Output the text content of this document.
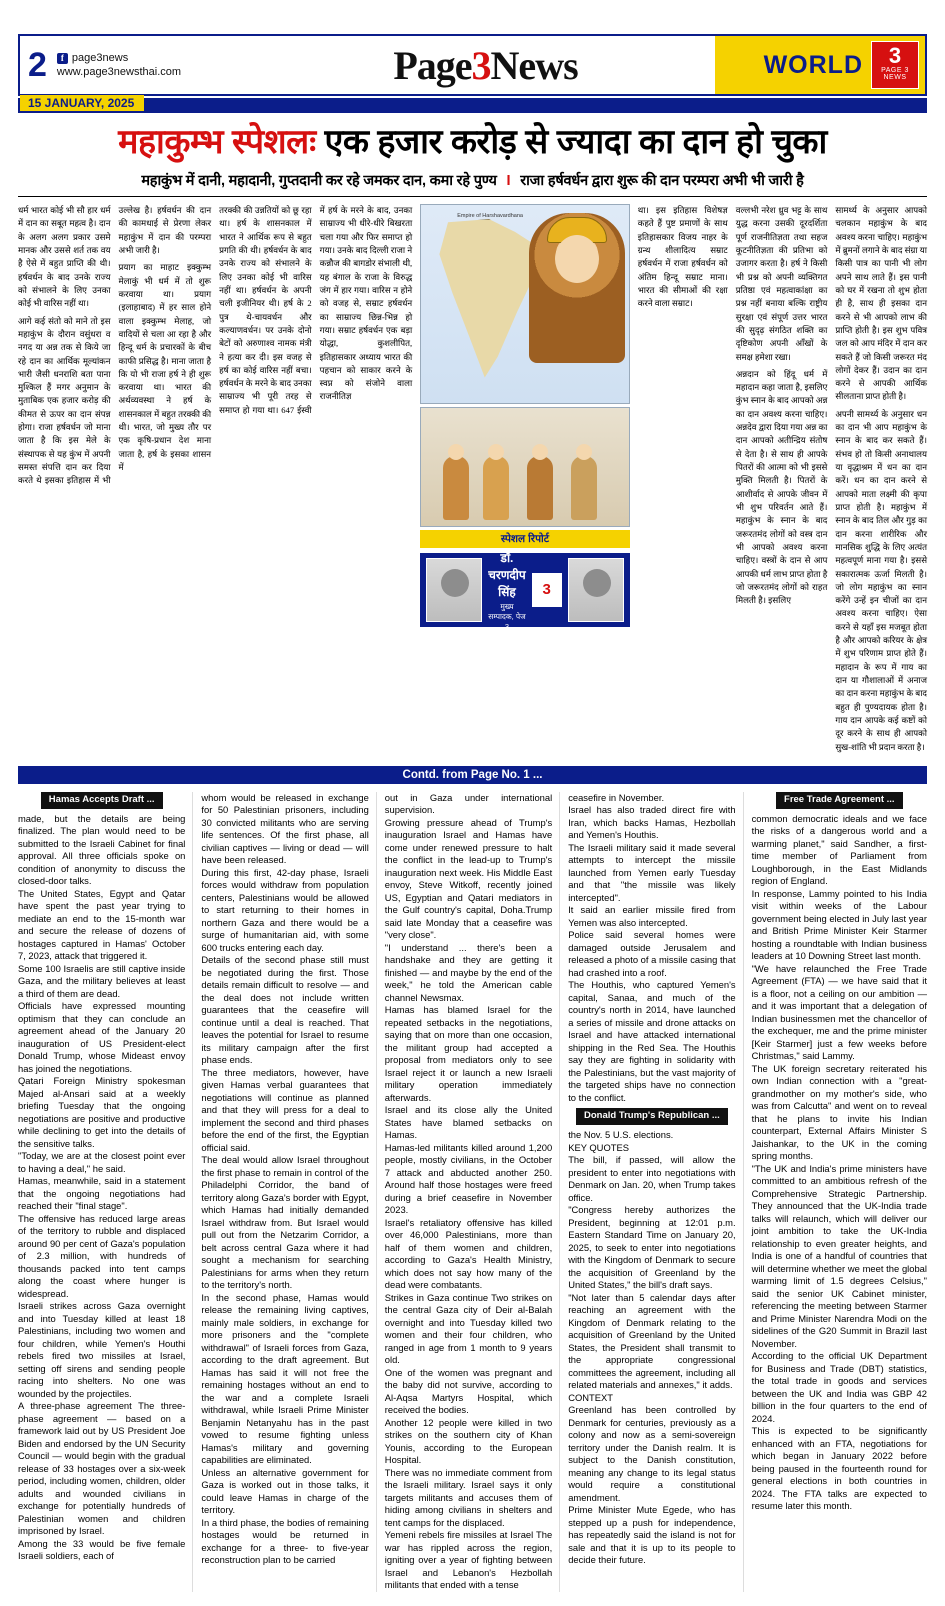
2	f page3news
www.page3newsthai.com	Page3News	WORLD	3
PAGE 3
NEWS
15 JANUARY, 2025
महाकुम्भ स्पेशलः एक हजार करोड़ से ज्यादा का दान हो चुका
महाकुंभ में दानी, महादानी, गुप्तदानी कर रहे जमकर दान, कमा रहे पुण्य I राजा हर्षवर्धन द्वारा शुरू की दान परम्परा अभी भी जारी है

धर्म भारत कोई भी सौ हार धर्म में दान का सबूत महत्व है। दान के अलग अलग प्रकार उसमे मानक और उससे शर्त तक वय है ऐसे में बहुत प्राप्ति की थी। हर्षवर्धन के बाद उनके राज्य को संभालने के लिए उनका कोई भी वारिस नहीं था।

आगे कई संतो को माने तो इस महाकुंभ के दौरान वसुंधरा व नगद या अन्न तक से किये जा रहे दान का आर्थिक मूल्यांकन भारी जैसी धनराशि बता पाना मुश्किल हैं मगर अनुमान के मुताबिक एक हजार करोड़ की कीमत से ऊपर का दान संपन्न होगा। राजा हर्षवर्धन जो माना जाता है कि इस मेले के संस्थापक से यह कुंभ में अपनी समस्त संपत्ति दान कर दिया करते थे इसका इतिहास में भी उल्लेख है। हर्षवर्धन की दान की कामधाई से प्रेरणा लेकर महाकुंभ में दान की परम्परा अभी जारी है।

प्रयाग का माहाट इक्कुम्भ मेलाकुं भी धर्म में तो शुरू करवाया था। प्रयाग (इलाहाबाद) में हर साल होने वाला इक्कुम्भ मेलाह, जो वादियों से चला आ रहा है और हिन्दू धर्म के प्रचारकों के बीच काफी प्रसिद्ध है। माना जाता है कि यो भी राजा हर्ष ने ही शुरू करवाया था। भारत की अर्थव्यवस्था ने हर्ष के शासनकाल में बहुत तरक्की की थी। भारत, जो मुख्य तौर पर एक कृषि-प्रधान देश माना जाता है, हर्ष के इसका शासन में

तरक्की की उन्नतियों को छू रहा था। हर्ष के शासनकाल में भारत ने आर्थिक रूप से बहुत प्रगति की थी। हर्षवर्धन के बाद उनके राज्य को संभालने के लिए उनका कोई भी वारिस नहीं था। हर्षवर्धन के अपनी चली इजीनियर थी। हर्ष के 2 पुत्र थे-चायवर्धन और कल्याणवर्धन। पर उनके दोनो बेटों को अरुणाश्व नामक मंत्री ने हत्या कर दी। इस वजह से हर्ष का कोई वारिस नहीं बचा। हर्षवर्धन के मरने के बाद उनका साम्राज्य भी पूरी तरह से समाप्त हो गया था। 647 ईस्वी में हर्ष के मरने के बाद, उनका साम्राज्य भी धीरे-धीरे बिखरता चला गया और फिर समाप्त हो गया। उनके बाद दिल्ली राजा ने कन्नौज की बागडोर संभाली थी, यह बंगाल के राजा के विरुद्ध जंग में हार गया। वारिस न होने को वजह से, सम्राट हर्षवर्धन का साम्राज्य छिन्न-भिन्न हो गया। सम्राट हर्षवर्धन एक बड़ा योद्धा, कुशलीपित, इतिहासकार अध्याय भारत की पहचान को साकार करने के स्वप्न को संजोने वाला राजनीतिज्ञ

Empire of Harshavardhana
स्पेशल रिपोर्ट
डॉ. चरणदीप सिंह
मुख्य सम्पादक, पेज 3
3

था। इस इतिहास विशेषज्ञ कहते हैं पुष्ट प्रमाणों के साथ इतिहासकार विजय नाहर के ग्रन्थ शीलादित्य सम्राट हर्षवर्धन में राजा हर्षवर्धन को अंतिम हिन्दू सम्राट माना। भारत की सीमाओं की रक्षा करने वाला सम्राट।

वल्लभी नरेश ध्रुव भट्ट के साथ युद्ध करना उसकी दूरदर्शिता पूर्ण राजनीतिज्ञता तथा सहज कूटनीतिज्ञता की प्रतिभा को उजागर करता है। हर्ष ने किसी भी प्रश्न को अपनी व्यक्तिगत प्रतिष्ठा एवं महत्वाकांक्षा का प्रश्न नहीं बनाया बल्कि राष्ट्रीय सुरक्षा एवं संपूर्ण उत्तर भारत की सुदृढ़ संगठित शक्ति का दृष्टिकोण अपनी आँखों के समक्ष हमेशा रखा।

अन्नदान को हिंदू धर्म में महादान कहा जाता है, इसलिए कुंभ स्नान के बाद आपको अन्न का दान अवश्य करना चाहिए। अन्नदेव द्वारा दिया गया अन्न का दान आपको अतीन्द्रिय संतोष से देता है। से साथ ही आपके पितरों की आत्मा को भी इससे मुक्ति मिलती है। पितरों के आशीर्वाद से आपके जीवन में भी शुभ परिवर्तन आते हैं। महाकुंभ के स्नान के बाद जरूरतमंद लोगों को वस्त्र दान भी आपको अवश्य करना चाहिए। वस्त्रों के दान से आप आपकी धर्म लाभ प्राप्त होता है जो जरूरतमंद लोगों को राहत मिलती है। इसलिए

सामर्थ्य के अनुसार आपको चलकान महाकुंभ के बाद अवश्य करना चाहिए। महाकुंभ में ब्रुमनों लगाने के बाद संग्रा या किसी पात्र का पानी भी लोग अपने साथ लाते हैं। इस पानी को घर में रखना तो शुभ होता ही है, साथ ही इसका दान करने से भी आपको लाभ की प्राप्ति होती है। इस शुभ पवित्र जल को आप मंदिर में दान कर सकते हैं जो किसी जरूरत मंद लोगों देकर हैं। उदान का दान करने से आपकी आर्थिक सीलताना प्राप्त होती है।

अपनी सामर्थ्य के अनुसार धन का दान भी आप महाकुंभ के स्नान के बाद कर सकते हैं। संभव हो तो किसी अनाथालय या वृद्धाश्रम में धन का दान करें। धन का दान करने से आपको माता लक्ष्मी की कृपा प्राप्त होती है। महाकुंभ में स्नान के बाद तिल और गुड़ का दान करना शारीरिक और मानसिक शुद्धि के लिए अत्यंत महत्वपूर्ण माना गया है। इससे सकारात्मक ऊर्जा मिलती है। जो लोग महाकुंभ का स्नान करेंगे उन्हें इन चीजों का दान अवश्य करना चाहिए। ऐसा करने से यहाँ इस मजबूत होता है और आपको करियर के क्षेत्र में शुभ परिणाम प्राप्त होते हैं। महादान के रूप में गाय का दान या गौशालाओं में अनाज का दान करना महाकुंभ के बाद बहुत ही पुण्यदायक होता है। गाय दान आपके कई कष्टों को दूर करने के साथ ही आपको सुख-शांति भी प्रदान करता है।

Contd. from Page No. 1 ...
Hamas Accepts Draft ...

made, but the details are being finalized. The plan would need to be submitted to the Israeli Cabinet for final approval. All three officials spoke on condition of anonymity to discuss the closed-door talks.

The United States, Egypt and Qatar have spent the past year trying to mediate an end to the 15-month war and secure the release of dozens of hostages captured in Hamas' October 7, 2023, attack that triggered it.

Some 100 Israelis are still captive inside Gaza, and the military believes at least a third of them are dead.

Officials have expressed mounting optimism that they can conclude an agreement ahead of the January 20 inauguration of US President-elect Donald Trump, whose Mideast envoy has joined the negotiations.

Qatari Foreign Ministry spokesman Majed al-Ansari said at a weekly briefing Tuesday that the ongoing negotiations are positive and productive while declining to get into the details of the sensitive talks.

"Today, we are at the closest point ever to having a deal," he said.

Hamas, meanwhile, said in a statement that the ongoing negotiations had reached their "final stage".

The offensive has reduced large areas of the territory to rubble and displaced around 90 per cent of Gaza's population of 2.3 million, with hundreds of thousands packed into tent camps along the coast where hunger is widespread.

Israeli strikes across Gaza overnight and into Tuesday killed at least 18 Palestinians, including two women and four children, while Yemen's Houthi rebels fired two missiles at Israel, setting off sirens and sending people racing into shelters. No one was wounded by the projectiles.

A three-phase agreement The three-phase agreement — based on a framework laid out by US President Joe Biden and endorsed by the UN Security Council — would begin with the gradual release of 33 hostages over a six-week period, including women, children, older adults and wounded civilians in exchange for potentially hundreds of Palestinian women and children imprisoned by Israel.

Among the 33 would be five female Israeli soldiers, each of

whom would be released in exchange for 50 Palestinian prisoners, including 30 convicted militants who are serving life sentences. Of the first phase, all civilian captives — living or dead — will have been released.

During this first, 42-day phase, Israeli forces would withdraw from population centers, Palestinians would be allowed to start returning to their homes in northern Gaza and there would be a surge of humanitarian aid, with some 600 trucks entering each day.

Details of the second phase still must be negotiated during the first. Those details remain difficult to resolve — and the deal does not include written guarantees that the ceasefire will continue until a deal is reached. That leaves the potential for Israel to resume its military campaign after the first phase ends.

The three mediators, however, have given Hamas verbal guarantees that negotiations will continue as planned and that they will press for a deal to implement the second and third phases before the end of the first, the Egyptian official said.

The deal would allow Israel throughout the first phase to remain in control of the Philadelphi Corridor, the band of territory along Gaza's border with Egypt, which Hamas had initially demanded Israel withdraw from. But Israel would pull out from the Netzarim Corridor, a belt across central Gaza where it had sought a mechanism for searching Palestinians for arms when they return to the territory's north.

In the second phase, Hamas would release the remaining living captives, mainly male soldiers, in exchange for more prisoners and the "complete withdrawal" of Israeli forces from Gaza, according to the draft agreement. But Hamas has said it will not free the remaining hostages without an end to the war and a complete Israeli withdrawal, while Israeli Prime Minister Benjamin Netanyahu has in the past vowed to resume fighting unless Hamas's military and governing capabilities are eliminated.

Unless an alternative government for Gaza is worked out in those talks, it could leave Hamas in charge of the territory.

In a third phase, the bodies of remaining hostages would be returned in exchange for a three- to five-year reconstruction plan to be carried

out in Gaza under international supervision.

Growing pressure ahead of Trump's inauguration Israel and Hamas have come under renewed pressure to halt the conflict in the lead-up to Trump's inauguration next week. His Middle East envoy, Steve Witkoff, recently joined US, Egyptian and Qatari mediators in the Gulf country's capital, Doha.Trump said late Monday that a ceasefire was "very close".

"I understand ... there's been a handshake and they are getting it finished — and maybe by the end of the week," he told the American cable channel Newsmax.

Hamas has blamed Israel for the repeated setbacks in the negotiations, saying that on more than one occasion, the militant group had accepted a proposal from mediators only to see Israel reject it or launch a new Israeli military operation immediately afterwards.

Israel and its close ally the United States have blamed setbacks on Hamas.

Hamas-led militants killed around 1,200 people, mostly civilians, in the October 7 attack and abducted another 250. Around half those hostages were freed during a brief ceasefire in November 2023.

Israel's retaliatory offensive has killed over 46,000 Palestinians, more than half of them women and children, according to Gaza's Health Ministry, which does not say how many of the dead were combatants.

Strikes in Gaza continue Two strikes on the central Gaza city of Deir al-Balah overnight and into Tuesday killed two women and their four children, who ranged in age from 1 month to 9 years old.

One of the women was pregnant and the baby did not survive, according to Al-Aqsa Martyrs Hospital, which received the bodies.

Another 12 people were killed in two strikes on the southern city of Khan Younis, according to the European Hospital.

There was no immediate comment from the Israeli military. Israel says it only targets militants and accuses them of hiding among civilians in shelters and tent camps for the displaced.

Yemeni rebels fire missiles at Israel The war has rippled across the region, igniting over a year of fighting between Israel and Lebanon's Hezbollah militants that ended with a tense

ceasefire in November.

Israel has also traded direct fire with Iran, which backs Hamas, Hezbollah and Yemen's Houthis.

The Israeli military said it made several attempts to intercept the missile launched from Yemen early Tuesday and that "the missile was likely intercepted".

It said an earlier missile fired from Yemen was also intercepted.

Police said several homes were damaged outside Jerusalem and released a photo of a missile casing that had crashed into a roof.

The Houthis, who captured Yemen's capital, Sanaa, and much of the country's north in 2014, have launched a series of missile and drone attacks on Israel and have attacked international shipping in the Red Sea. The Houthis say they are fighting in solidarity with the Palestinians, but the vast majority of the targeted ships have no connection to the conflict.

Donald Trump's Republican ...

the Nov. 5 U.S. elections.

KEY QUOTES

The bill, if passed, will allow the president to enter into negotiations with Denmark on Jan. 20, when Trump takes office.

"Congress hereby authorizes the President, beginning at 12:01 p.m. Eastern Standard Time on January 20, 2025, to seek to enter into negotiations with the Kingdom of Denmark to secure the acquisition of Greenland by the United States," the bill's draft says.

"Not later than 5 calendar days after reaching an agreement with the Kingdom of Denmark relating to the acquisition of Greenland by the United States, the President shall transmit to the appropriate congressional committees the agreement, including all related materials and annexes," it adds.

CONTEXT

Greenland has been controlled by Denmark for centuries, previously as a colony and now as a semi-sovereign territory under the Danish realm. It is subject to the Danish constitution, meaning any change to its legal status would require a constitutional amendment.

Prime Minister Mute Egede, who has stepped up a push for independence, has repeatedly said the island is not for sale and that it is up to its people to decide their future.

Free Trade Agreement ...

common democratic ideals and we face the risks of a dangerous world and a warming planet," said Sandher, a first-time member of Parliament from Loughborough, in the East Midlands region of England.

In response, Lammy pointed to his India visit within weeks of the Labour government being elected in July last year and British Prime Minister Keir Starmer hosting a roundtable with Indian business leaders at 10 Downing Street last month.

"We have relaunched the Free Trade Agreement (FTA) — we have said that it is a floor, not a ceiling on our ambition — and it was important that a delegation of Indian businessmen met the chancellor of the exchequer, me and the prime minister [Keir Starmer] just a few weeks before Christmas," said Lammy.

The UK foreign secretary reiterated his own Indian connection with a "great-grandmother on my mother's side, who was from Calcutta" and went on to reveal that he plans to invite his Indian counterpart, External Affairs Minister S Jaishankar, to the UK in the coming spring months.

"The UK and India's prime ministers have committed to an ambitious refresh of the Comprehensive Strategic Partnership. They announced that the UK-India trade talks will relaunch, which will deliver our joint ambition to take the UK-India relationship to even greater heights, and India is one of a handful of countries that will determine whether we meet the global warming limit of 1.5 degrees Celsius," said the senior UK Cabinet minister, referencing the meeting between Starmer and Prime Minister Narendra Modi on the sidelines of the G20 Summit in Brazil last November.

According to the official UK Department for Business and Trade (DBT) statistics, the total trade in goods and services between the UK and India was GBP 42 billion in the four quarters to the end of 2024.

This is expected to be significantly enhanced with an FTA, negotiations for which began in January 2022 before being paused in the fourteenth round for general elections in both countries in 2024. The FTA talks are expected to resume later this month.
